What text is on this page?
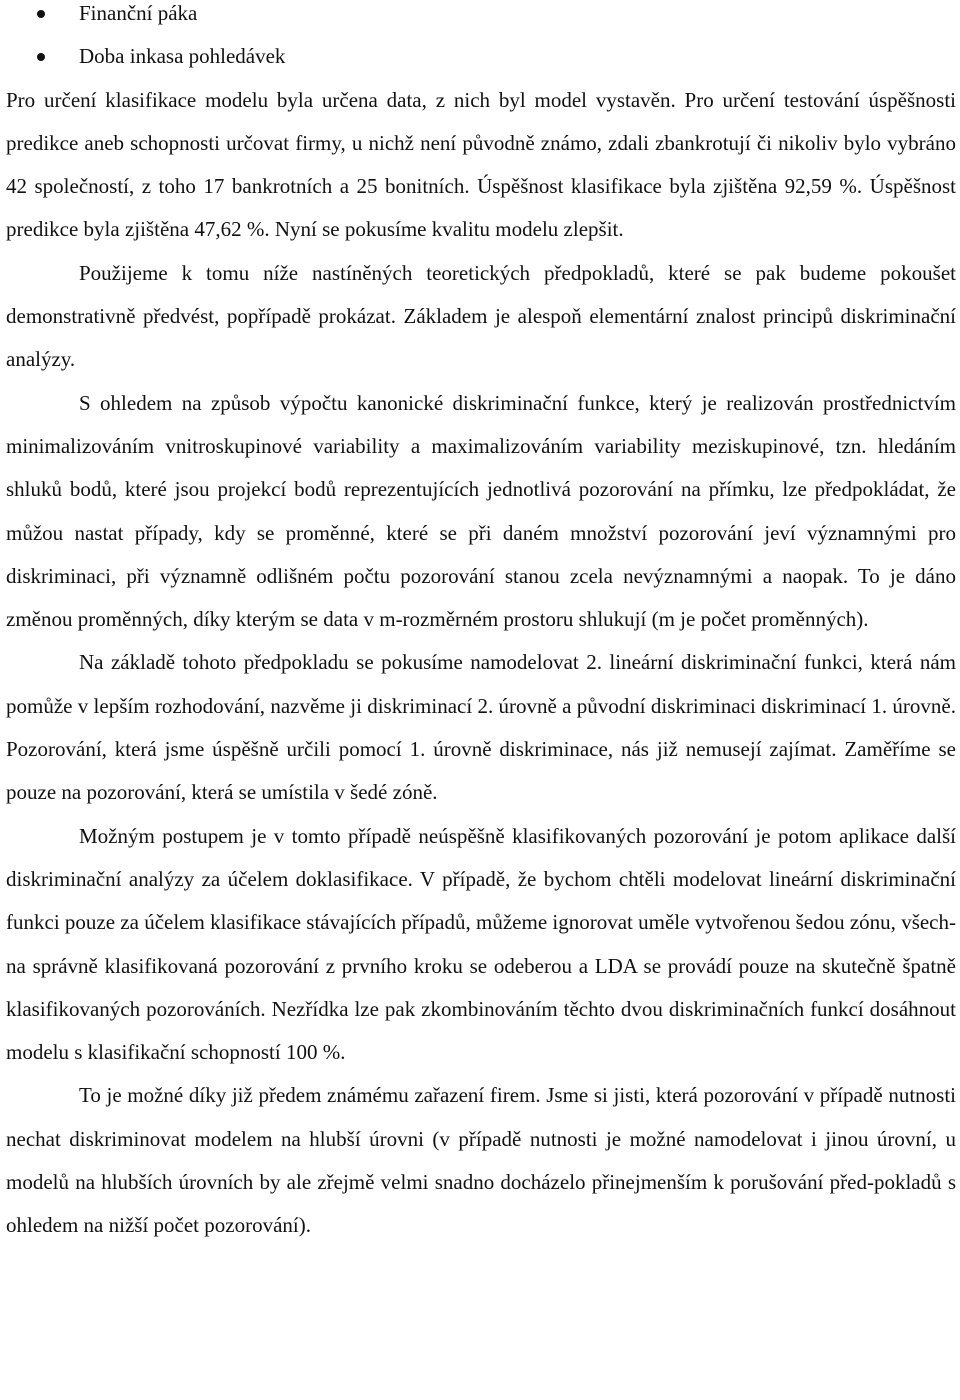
Finanční páka
Doba inkasa pohledávek

Pro určení klasifikace modelu byla určena data, z nich byl model vystavěn. Pro určení testování úspěšnosti predikce aneb schopnosti určovat firmy, u nichž není původně známo, zdali zbankrotují či nikoliv bylo vybráno 42 společností, z toho 17 bankrotních a 25 bonitních. Úspěšnost klasifikace byla zjištěna 92,59 %. Úspěšnost predikce byla zjištěna 47,62 %. Nyní se pokusíme kvalitu modelu zlepšit.

Použijeme k tomu níže nastíněných teoretických předpokladů, které se pak budeme pokoušet demonstrativně předvést, popřípadě prokázat. Základem je alespoň elementární znalost principů diskriminační analýzy.

S ohledem na způsob výpočtu kanonické diskriminační funkce, který je realizován prostřednictvím minimalizováním vnitroskupinové variability a maximalizováním variability meziskupinové, tzn. hledáním shluků bodů, které jsou projekcí bodů reprezentujících jednotlivá pozorování na přímku, lze předpokládat, že můžou nastat případy, kdy se proměnné, které se při daném množství pozorování jeví významnými pro diskriminaci, při významně odlišném počtu pozorování stanou zcela nevýznamnými a naopak. To je dáno změnou proměnných, díky kterým se data v m-rozměrném prostoru shlukují (m je počet proměnných).

Na základě tohoto předpokladu se pokusíme namodelovat 2. lineární diskriminační funkci, která nám pomůže v lepším rozhodování, nazvěme ji diskriminací 2. úrovně a původní diskriminaci diskriminací 1. úrovně. Pozorování, která jsme úspěšně určili pomocí 1. úrovně diskriminace, nás již nemusejí zajímat. Zaměříme se pouze na pozorování, která se umístila v šedé zóně.

Možným postupem je v tomto případě neúspěšně klasifikovaných pozorování je potom aplikace další diskriminační analýzy za účelem doklasifikace. V případě, že bychom chtěli modelovat lineární diskriminační funkci pouze za účelem klasifikace stávajících případů, můžeme ignorovat uměle vytvořenou šedou zónu, všech-na správně klasifikovaná pozorování z prvního kroku se odeberou a LDA se provádí pouze na skutečně špatně klasifikovaných pozorováních. Nezřídka lze pak zkombinováním těchto dvou diskriminačních funkcí dosáhnout modelu s klasifikační schopností 100 %.

To je možné díky již předem známému zařazení firem. Jsme si jisti, která pozorování v případě nutnosti nechat diskriminovat modelem na hlubší úrovni (v případě nutnosti je možné namodelovat i jinou úrovní, u modelů na hlubších úrovních by ale zřejmě velmi snadno docházelo přinejmenším k porušování před-pokladů s ohledem na nižší počet pozorování).
